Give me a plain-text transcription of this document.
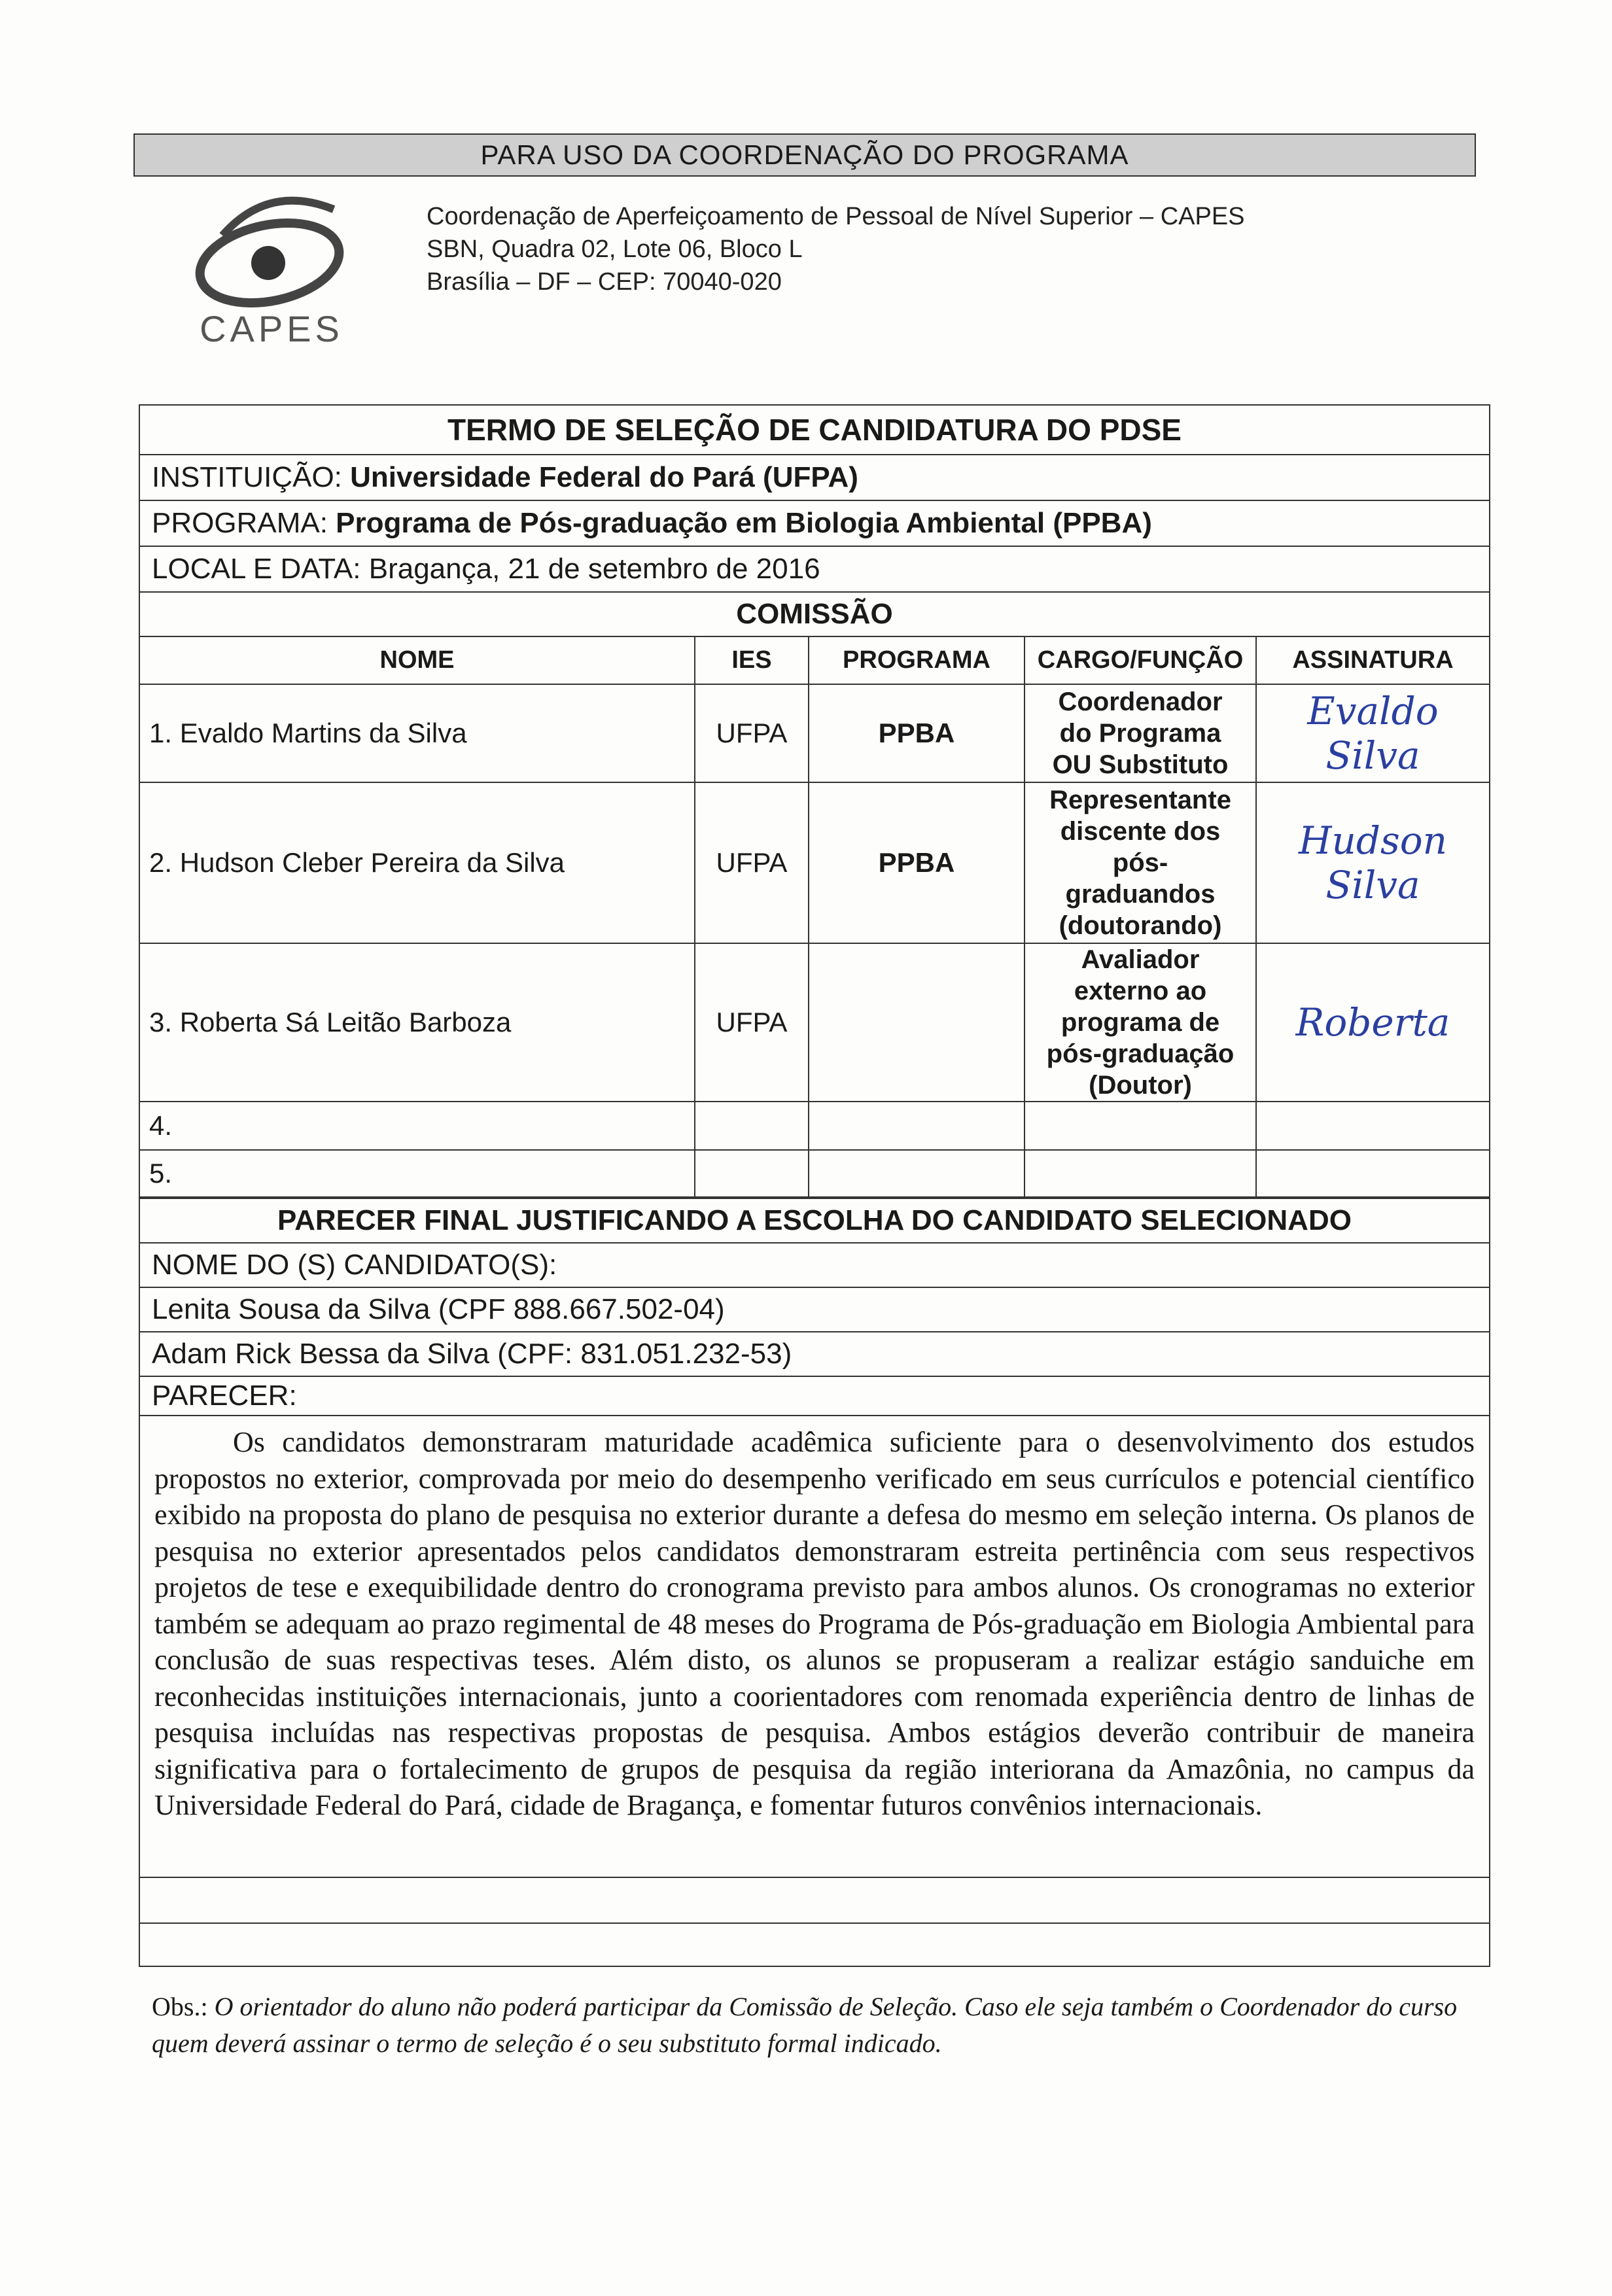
PARA USO DA COORDENAÇÃO DO PROGRAMA
CAPES
Coordenação de Aperfeiçoamento de Pessoal de Nível Superior – CAPES
SBN, Quadra 02, Lote 06, Bloco L
Brasília – DF – CEP: 70040-020
TERMO DE SELEÇÃO DE CANDIDATURA DO PDSE
INSTITUIÇÃO:
Universidade Federal do Pará (UFPA)
PROGRAMA:
Programa de Pós-graduação em Biologia Ambiental (PPBA)
LOCAL E DATA:
Bragança, 21 de setembro de 2016
COMISSÃO
NOME	IES	PROGRAMA	CARGO/FUNÇÃO	ASSINATURA
1. Evaldo Martins da Silva	UFPA	PPBA	Coordenador
do Programa
OU Substituto	Evaldo Silva
2. Hudson Cleber Pereira da Silva	UFPA	PPBA	Representante
discente dos
pós-
graduandos
(doutorando)	Hudson Silva
3. Roberta Sá Leitão Barboza	UFPA		Avaliador
externo ao
programa de
pós-graduação
(Doutor)	Roberta
4.				
5.				
PARECER FINAL JUSTIFICANDO A ESCOLHA DO CANDIDATO SELECIONADO
NOME DO (S) CANDIDATO(S):
Lenita Sousa da Silva (CPF 888.667.502-04)
Adam Rick Bessa da Silva (CPF: 831.051.232-53)
PARECER:

Os candidatos demonstraram maturidade acadêmica suficiente para o desenvolvimento dos estudos propostos no exterior, comprovada por meio do desempenho verificado em seus currículos e potencial científico exibido na proposta do plano de pesquisa no exterior durante a defesa do mesmo em seleção interna. Os planos de pesquisa no exterior apresentados pelos candidatos demonstraram estreita pertinência com seus respectivos projetos de tese e exequibilidade dentro do cronograma previsto para ambos alunos. Os cronogramas no exterior também se adequam ao prazo regimental de 48 meses do Programa de Pós-graduação em Biologia Ambiental para conclusão de suas respectivas teses. Além disto, os alunos se propuseram a realizar estágio sanduiche em reconhecidas instituições internacionais, junto a coorientadores com renomada experiência dentro de linhas de pesquisa incluídas nas respectivas propostas de pesquisa. Ambos estágios deverão contribuir de maneira significativa para o fortalecimento de grupos de pesquisa da região interiorana da Amazônia, no campus da Universidade Federal do Pará, cidade de Bragança, e fomentar futuros convênios internacionais.

Obs.: O orientador do aluno não poderá participar da Comissão de Seleção. Caso ele seja também o Coordenador do curso quem deverá assinar o termo de seleção é o seu substituto formal indicado.
